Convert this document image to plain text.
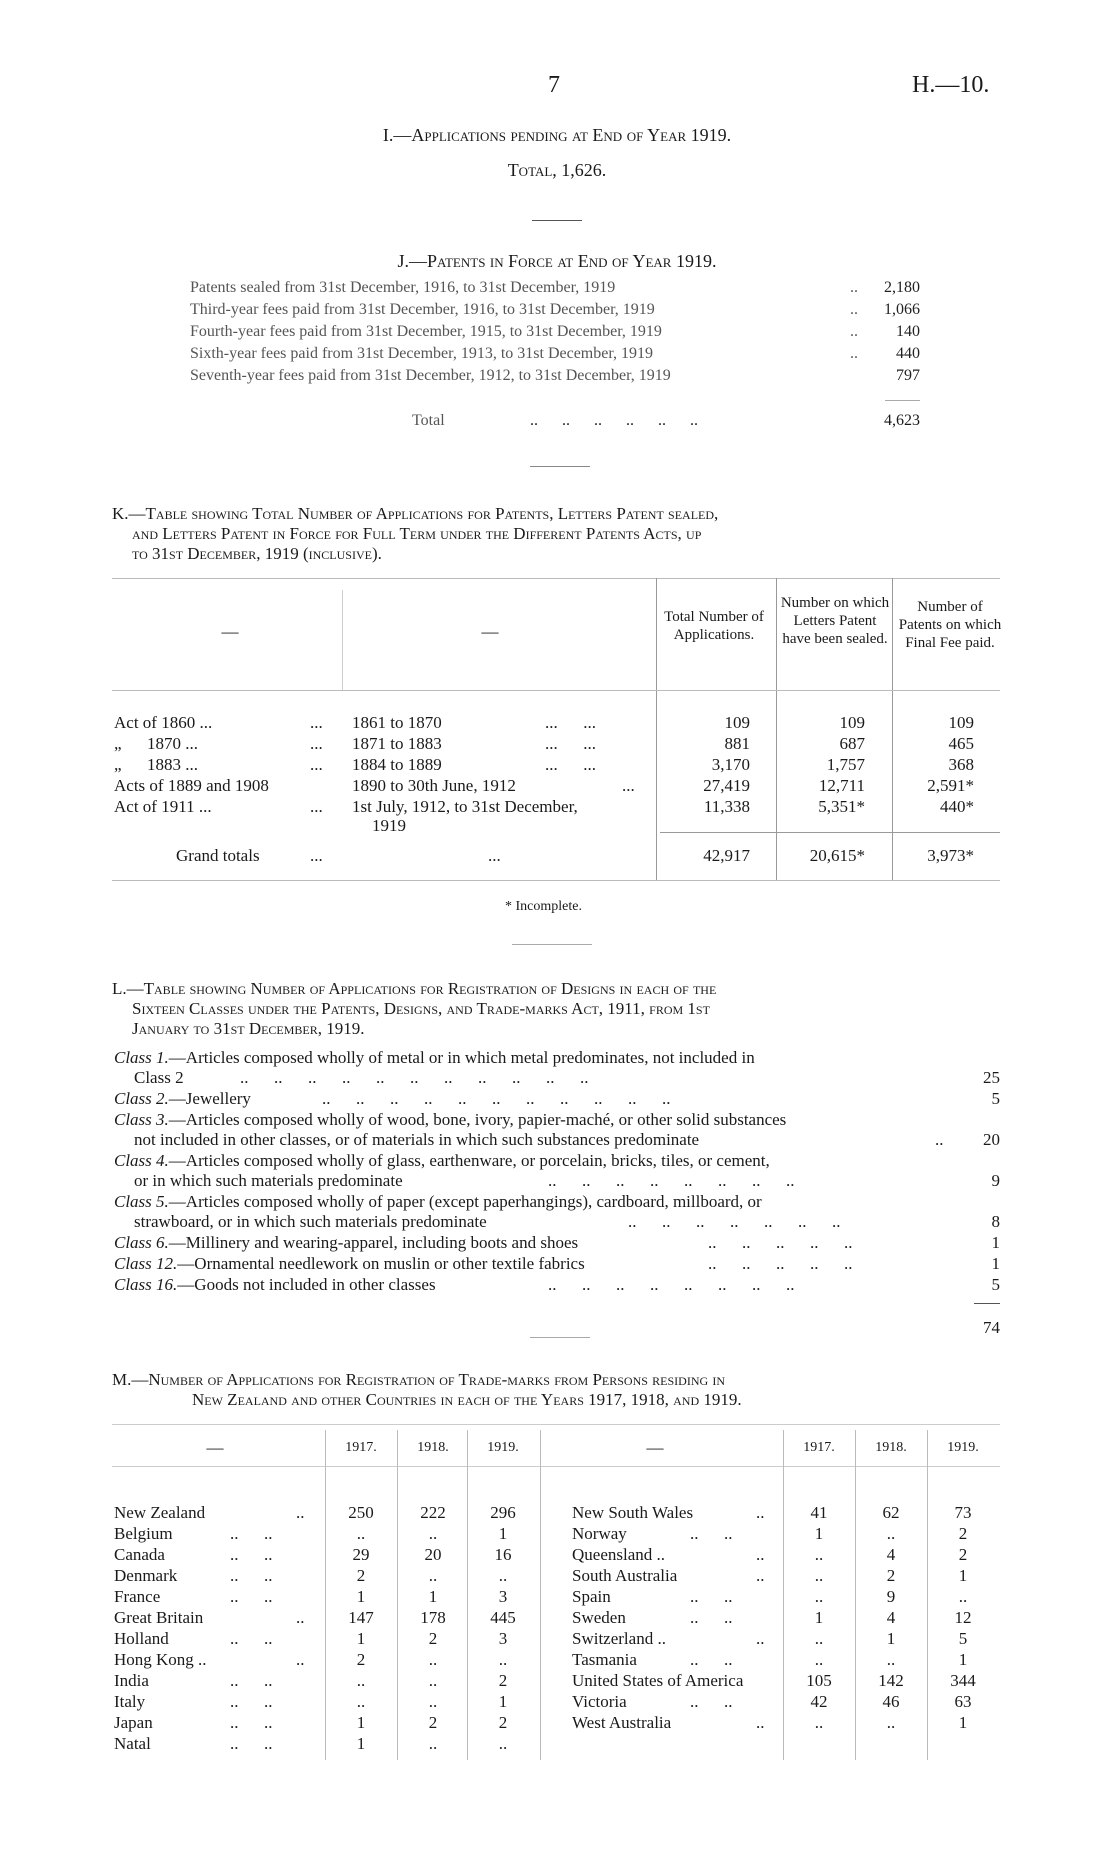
7	H.—10.
I.—Applications pending at End of Year 1919.
Total, 1,626.
J.—Patents in Force at End of Year 1919.
Patents sealed from 31st December, 1916, to 31st December, 1919	.. 2,180
Third-year fees paid from 31st December, 1916, to 31st December, 1919	.. 1,066
Fourth-year fees paid from 31st December, 1915, to 31st December, 1919	.. 140
Sixth-year fees paid from 31st December, 1913, to 31st December, 1919	.. 440
Seventh-year fees paid from 31st December, 1912, to 31st December, 1919	797
Total	..      ..      ..      ..      ..      ..	4,623
K.—Table showing Total Number of Applications for Patents, Letters Patent sealed,
and Letters Patent in Force for Full Term under the Different Patents Acts, up
to 31st December, 1919 (inclusive).
—	—
Total Number of Applications.
Number on which Letters Patent have been sealed.
Number of Patents on which Final Fee paid.
Act of 1860 ...	... 1861 to 1870	...      ...	109	109	109
„      1870 ...	... 1871 to 1883	...      ...	881	687	465
„      1883 ...	... 1884 to 1889	...      ...	3,170	1,757	368
Acts of 1889 and 1908	1890 to 30th June, 1912	...	27,419	12,711	2,591*
Act of 1911 ...	... 1st July, 1912, to 31st December,	11,338	5,351*	440*
1919
Grand totals	...	...	42,917	20,615*	3,973*
* Incomplete.
L.—Table showing Number of Applications for Registration of Designs in each of the
Sixteen Classes under the Patents, Designs, and Trade-marks Act, 1911, from 1st
January to 31st December, 1919.
Class 1.—Articles composed wholly of metal or in which metal predominates, not included in
Class 2	..      ..      ..      ..      ..      ..      ..      ..      ..      ..      ..	25
Class 2.—Jewellery	..      ..      ..      ..      ..      ..      ..      ..      ..      ..      ..	5
Class 3.—Articles composed wholly of wood, bone, ivory, papier-maché, or other solid substances
not included in other classes, or of materials in which such substances predominate	.. 20
Class 4.—Articles composed wholly of glass, earthenware, or porcelain, bricks, tiles, or cement,
or in which such materials predominate	..      ..      ..      ..      ..      ..      ..      ..	9
Class 5.—Articles composed wholly of paper (except paperhangings), cardboard, millboard, or
strawboard, or in which such materials predominate	..      ..      ..      ..      ..      ..      ..	8
Class 6.—Millinery and wearing-apparel, including boots and shoes	..      ..      ..      ..      ..	1
Class 12.—Ornamental needlework on muslin or other textile fabrics	..      ..      ..      ..      ..	1
Class 16.—Goods not included in other classes	..      ..      ..      ..      ..      ..      ..      ..	5
74
M.—Number of Applications for Registration of Trade-marks from Persons residing in
New Zealand and other Countries in each of the Years 1917, 1918, and 1919.
—	1917.	1918.	1919.	—	1917.	1918.	1919.
New Zealand	..	250	222	296
Belgium	..      ..	..	..	1
Canada	..      ..	29	20	16
Denmark	..      ..	2	..	..
France	..      ..	1	1	3
Great Britain	..	147	178	445
Holland	..      ..	1	2	3
Hong Kong ..	..	2	..	..
India	..      ..	..	..	2
Italy	..      ..	..	..	1
Japan	..      ..	1	2	2
Natal	..      ..	1	..	..
New South Wales	..	41	62	73
Norway	..      ..	1	..	2
Queensland ..	..	..	4	2
South Australia	..	..	2	1
Spain	..      ..	..	9	..
Sweden	..      ..	1	4	12
Switzerland ..	..	..	1	5
Tasmania	..      ..	..	..	1
United States of America	105	142	344
Victoria	..      ..	42	46	63
West Australia	..	..	..	1
